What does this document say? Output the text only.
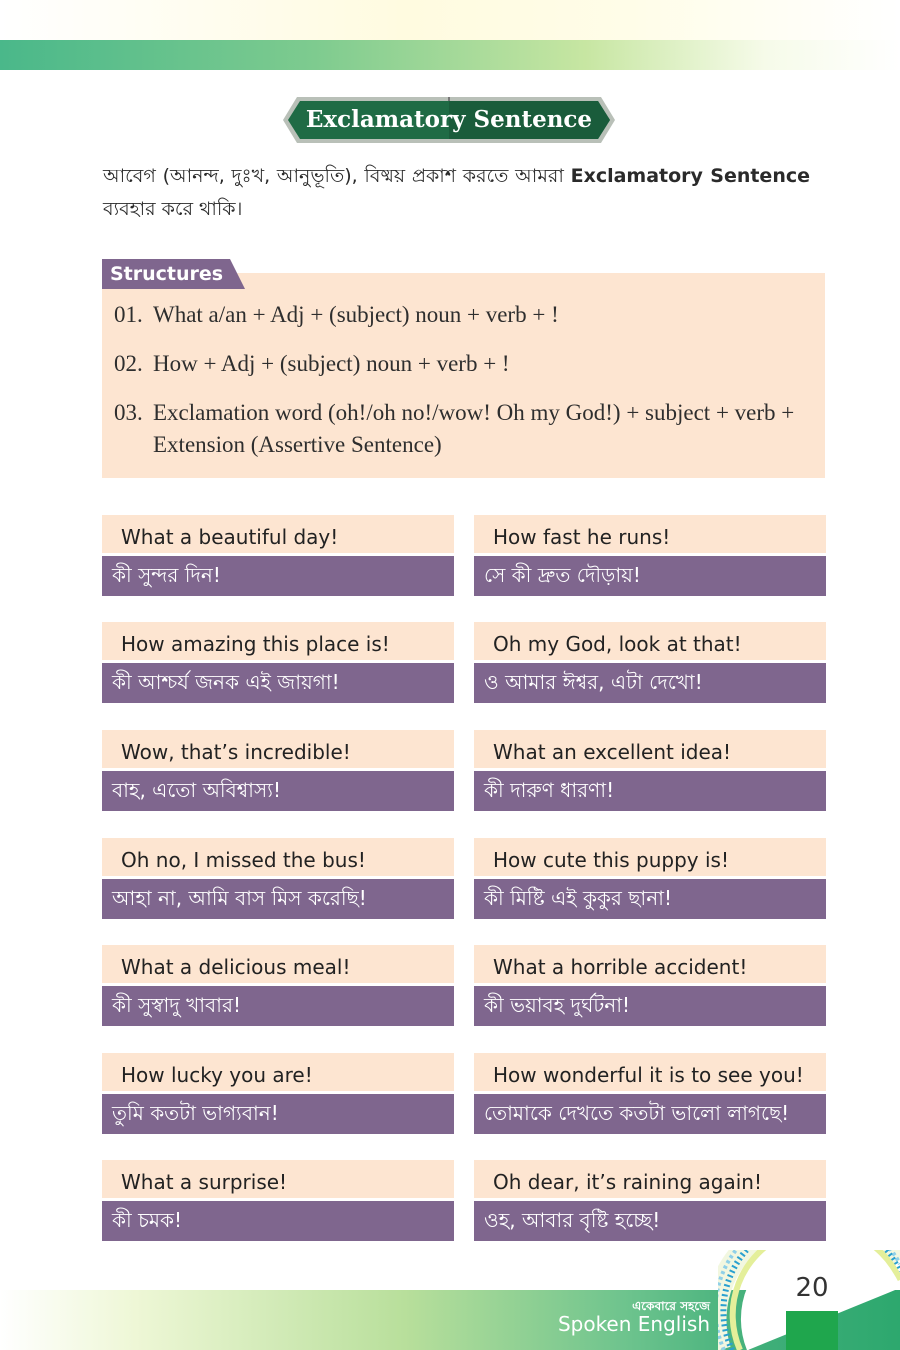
Exclamatory Sentence

আবেগ (আনন্দ, দুঃখ, আনুভূতি), বিষ্ময় প্রকাশ করতে আমরা Exclamatory Sentence ব্যবহার করে থাকি।

Structures
01. What a/an + Adj + (subject) noun + verb + !
02. How + Adj + (subject) noun + verb + !
03. Exclamation word (oh!/oh no!/wow! Oh my God!) + subject + verb + Extension (Assertive Sentence)
What a beautiful day!
কী সুন্দর দিন!
How fast he runs!
সে কী দ্রুত দৌড়ায়!
How amazing this place is!
কী আশ্চর্য জনক এই জায়গা!
Oh my God, look at that!
ও আমার ঈশ্বর, এটা দেখো!
Wow, that’s incredible!
বাহ, এতো অবিশ্বাস্য!
What an excellent idea!
কী দারুণ ধারণা!
Oh no, I missed the bus!
আহা না, আমি বাস মিস করেছি!
How cute this puppy is!
কী মিষ্টি এই কুকুর ছানা!
What a delicious meal!
কী সুস্বাদু খাবার!
What a horrible accident!
কী ভয়াবহ দুর্ঘটনা!
How lucky you are!
তুমি কতটা ভাগ্যবান!
How wonderful it is to see you!
তোমাকে দেখতে কতটা ভালো লাগছে!
What a surprise!
কী চমক!
Oh dear, it’s raining again!
ওহ, আবার বৃষ্টি হচ্ছে!
একেবারে সহজে
Spoken English
20
